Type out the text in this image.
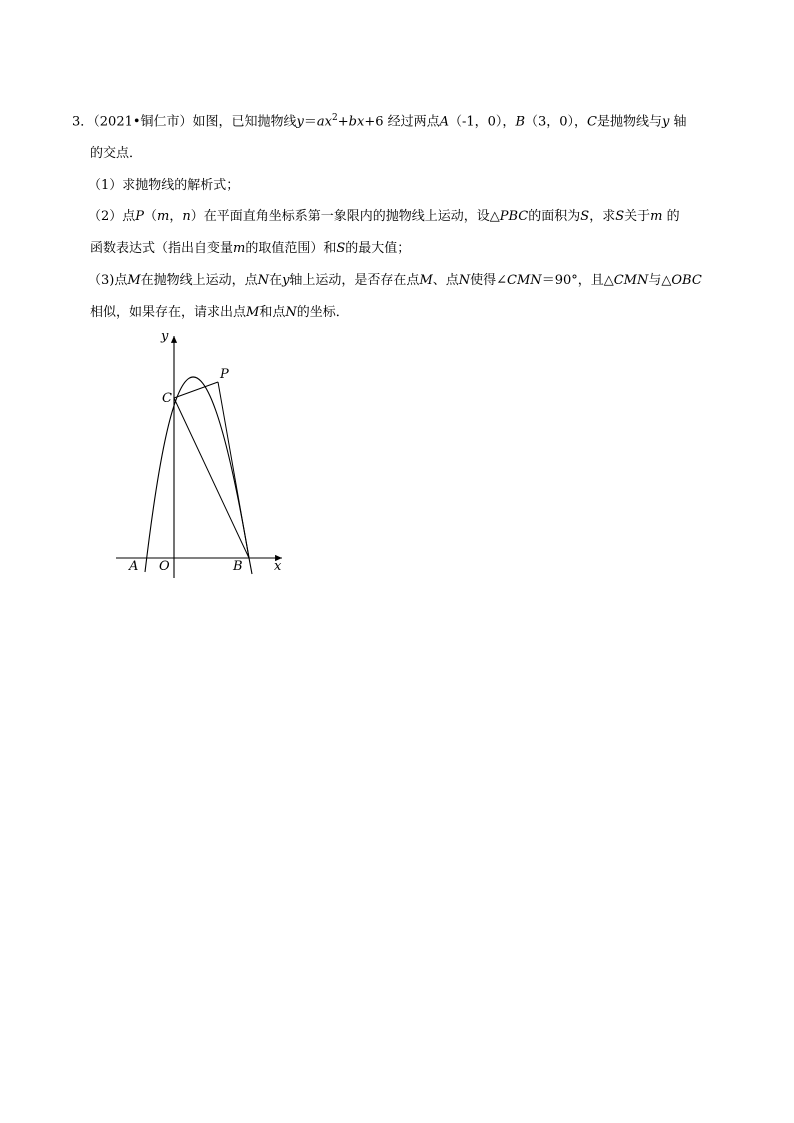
3．（2021•铜仁市）如图，已知抛物线$y=ax^2+bx+6$ 经过两点A（-1，0），B（3，0），C是抛物线与y 轴
的交点．
（1）求抛物线的解析式；
（2）点P（m，n）在平面直角坐标系第一象限内的抛物线上运动，设△PBC的面积为S，求S关于m 的
函数表达式（指出自变量m的取值范围）和S的最大值；
（3)点M在抛物线上运动，点N在y轴上运动，是否存在点M、点N使得∠CMN＝90°，且△CMN与△OBC
相似，如果存在，请求出点M和点N的坐标．
y
x
C
P
A O	B
